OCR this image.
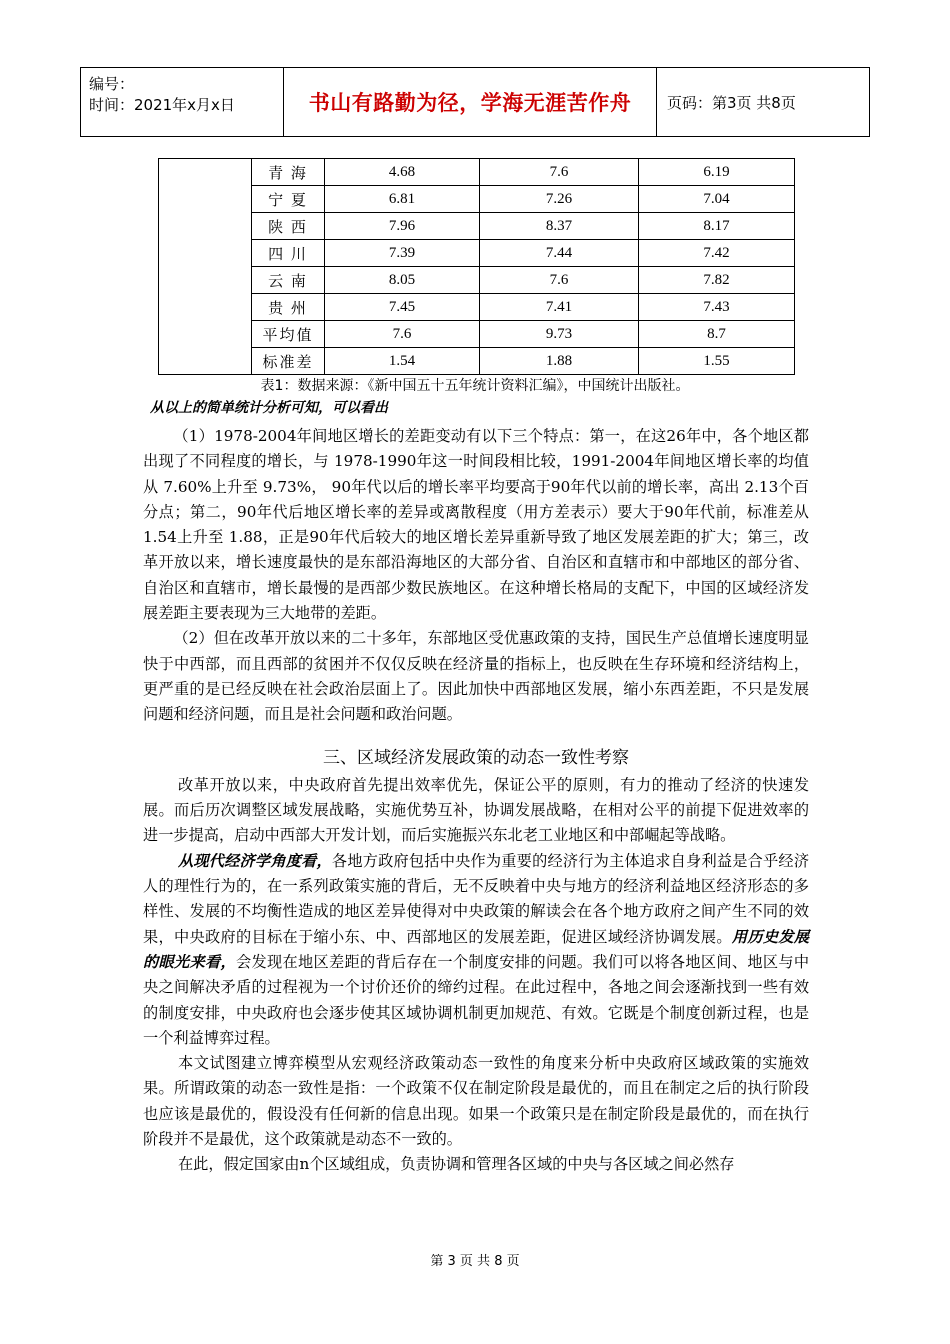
编号：
时间：2021年x月x日	书山有路勤为径，学海无涯苦作舟	页码：第3页 共8页
	青 海	4.68	7.6	6.19
	宁 夏	6.81	7.26	7.04
	陕 西	7.96	8.37	8.17
	四 川	7.39	7.44	7.42
	云 南	8.05	7.6	7.82
	贵 州	7.45	7.41	7.43
	平均值	7.6	9.73	8.7
	标准差	1.54	1.88	1.55
表1：数据来源：《新中国五十五年统计资料汇编》，中国统计出版社。
从以上的简单统计分析可知，可以看出

（1）1978-2004年间地区增长的差距变动有以下三个特点：第一，在这26年中，各个地区都出现了不同程度的增长，与 1978-1990年这一时间段相比较，1991-2004年间地区增长率的均值从 7.60%上升至 9.73%， 90年代以后的增长率平均要高于90年代以前的增长率，高出 2.13个百分点；第二，90年代后地区增长率的差异或离散程度（用方差表示）要大于90年代前，标准差从1.54上升至 1.88，正是90年代后较大的地区增长差异重新导致了地区发展差距的扩大；第三，改革开放以来，增长速度最快的是东部沿海地区的大部分省、自治区和直辖市和中部地区的部分省、自治区和直辖市，增长最慢的是西部少数民族地区。在这种增长格局的支配下，中国的区域经济发展差距主要表现为三大地带的差距。

（2）但在改革开放以来的二十多年，东部地区受优惠政策的支持，国民生产总值增长速度明显快于中西部，而且西部的贫困并不仅仅反映在经济量的指标上，也反映在生存环境和经济结构上，更严重的是已经反映在社会政治层面上了。因此加快中西部地区发展，缩小东西差距，不只是发展问题和经济问题，而且是社会问题和政治问题。

三、区域经济发展政策的动态一致性考察

改革开放以来，中央政府首先提出效率优先，保证公平的原则，有力的推动了经济的快速发展。而后历次调整区域发展战略，实施优势互补，协调发展战略，在相对公平的前提下促进效率的进一步提高，启动中西部大开发计划，而后实施振兴东北老工业地区和中部崛起等战略。

从现代经济学角度看，各地方政府包括中央作为重要的经济行为主体追求自身利益是合乎经济人的理性行为的，在一系列政策实施的背后，无不反映着中央与地方的经济利益地区经济形态的多样性、发展的不均衡性造成的地区差异使得对中央政策的解读会在各个地方政府之间产生不同的效果，中央政府的目标在于缩小东、中、西部地区的发展差距，促进区域经济协调发展。用历史发展的眼光来看，会发现在地区差距的背后存在一个制度安排的问题。我们可以将各地区间、地区与中央之间解决矛盾的过程视为一个讨价还价的缔约过程。在此过程中，各地之间会逐渐找到一些有效的制度安排，中央政府也会逐步使其区域协调机制更加规范、有效。它既是个制度创新过程，也是一个利益博弈过程。

本文试图建立博弈模型从宏观经济政策动态一致性的角度来分析中央政府区域政策的实施效果。所谓政策的动态一致性是指：一个政策不仅在制定阶段是最优的，而且在制定之后的执行阶段也应该是最优的，假设没有任何新的信息出现。如果一个政策只是在制定阶段是最优的，而在执行阶段并不是最优，这个政策就是动态不一致的。

在此，假定国家由n个区域组成，负责协调和管理各区域的中央与各区域之间必然存

第 3 页 共 8 页
